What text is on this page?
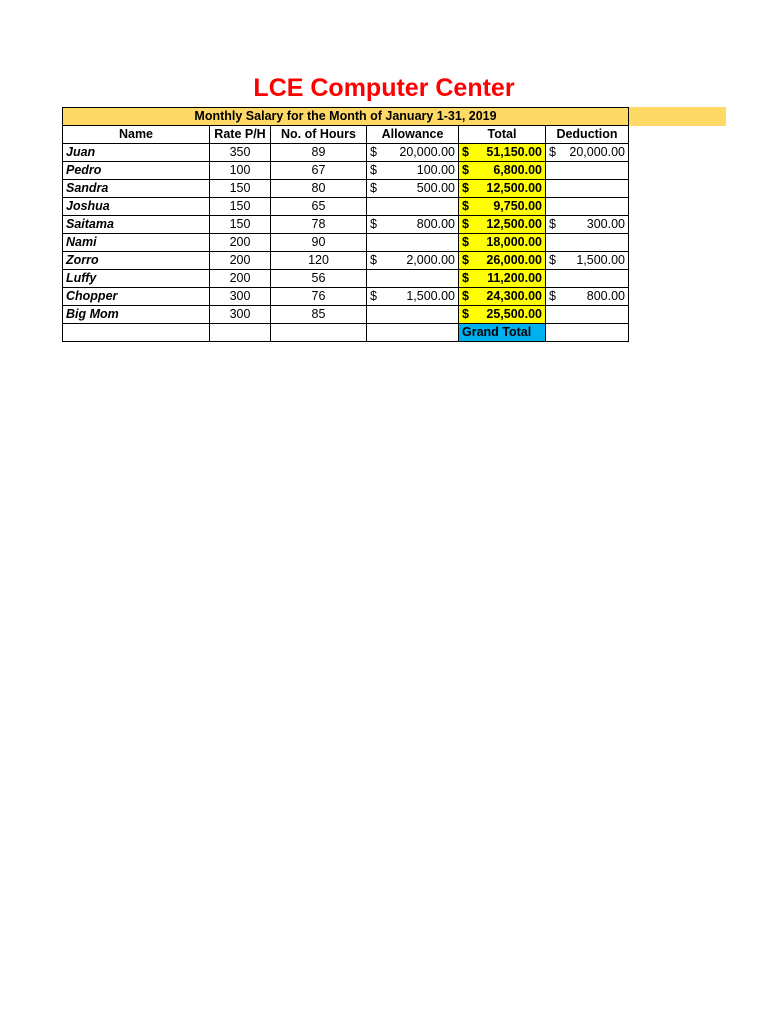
LCE Computer Center
Monthly Salary for the Month of January 1-31, 2019					
Name	Rate P/H	No. of Hours	Allowance	Total	Deduction
Juan	350	89	$ 20,000.00	$ 51,150.00	$ 20,000.00

Pedro	100	67	$ 100.00	$ 6,800.00	

Sandra	150	80	$ 500.00	$ 12,500.00	

Joshua	150	65		$ 9,750.00	

Saitama	150	78	$ 800.00	$ 12,500.00	$ 300.00

Nami	200	90		$ 18,000.00	

Zorro	200	120	$ 2,000.00	$ 26,000.00	$ 1,500.00

Luffy	200	56		$ 11,200.00	

Chopper	300	76	$ 1,500.00	$ 24,300.00	$ 800.00

Big Mom	300	85		$ 25,500.00	

				Grand Total	
